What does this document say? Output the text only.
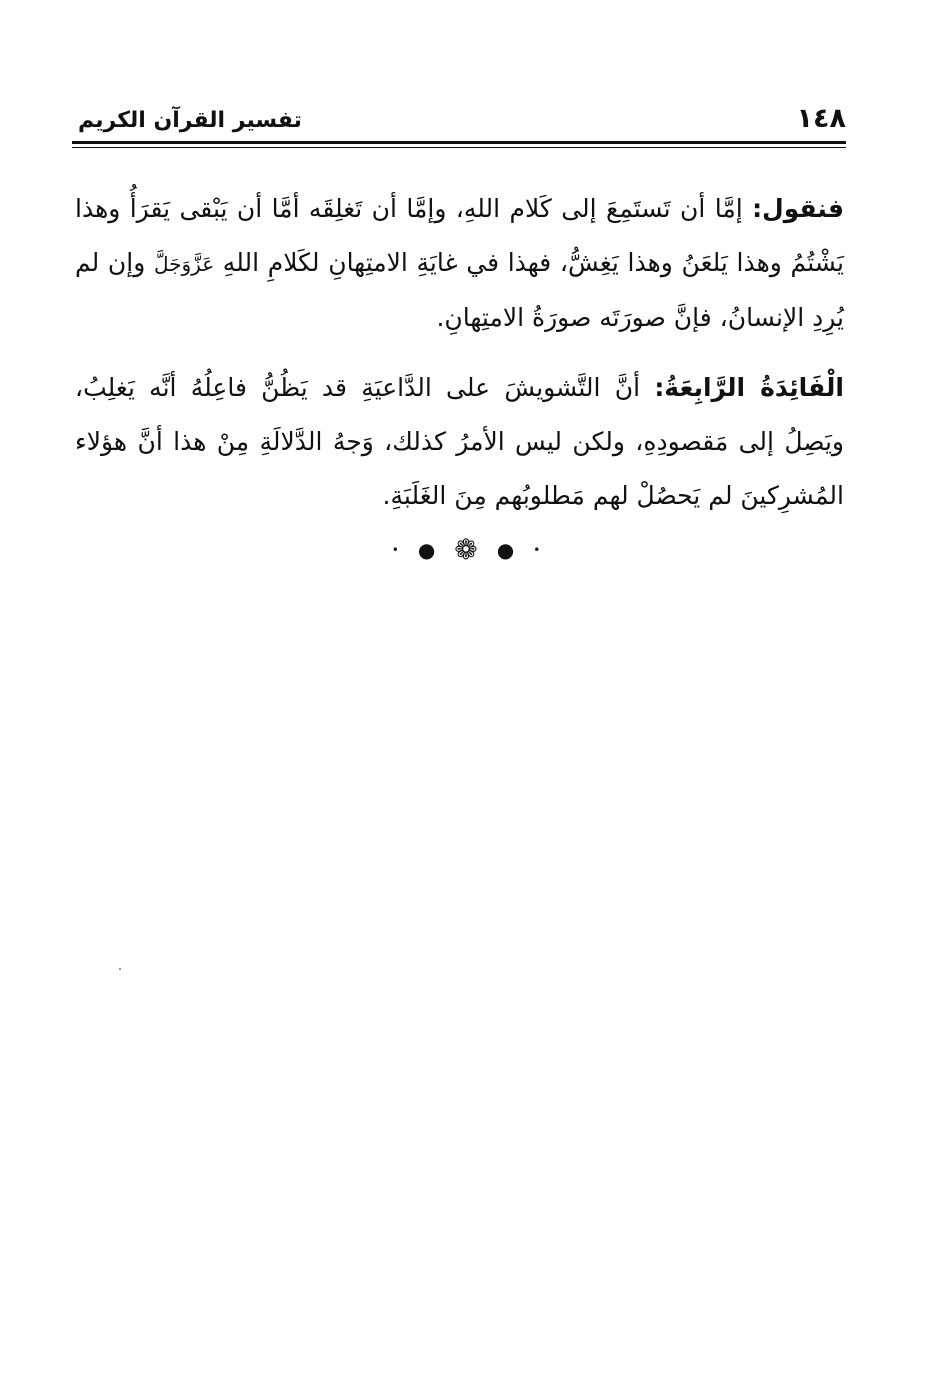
١٤٨
تفسير القرآن الكريم

فنقول: إمَّا أن تَستَمِعَ إلى كَلام اللهِ، وإمَّا أن تَغلِقَه أمَّا أن يَبْقى يَقرَأُ وهذا يَشْتُمُ وهذا يَلعَنُ وهذا يَغِشُّ، فهذا في غايَةِ الامتِهانِ لكَلامِ اللهِ عَزَّوَجَلَّ وإن لم يُرِدِ الإنسانُ، فإنَّ صورَتَه صورَةُ الامتِهانِ.

الْفَائِدَةُ الرَّابِعَةُ: أنَّ التَّشويشَ على الدَّاعيَةِ قد يَظُنُّ فاعِلُهُ أنَّه يَغلِبُ، ويَصِلُ إلى مَقصودِهِ، ولكن ليس الأمرُ كذلك، وَجهُ الدَّلالَةِ مِنْ هذا أنَّ هؤلاء المُشرِكينَ لم يَحصُلْ لهم مَطلوبُهم مِنَ الغَلَبَةِ.

• ● ❁ ● •
